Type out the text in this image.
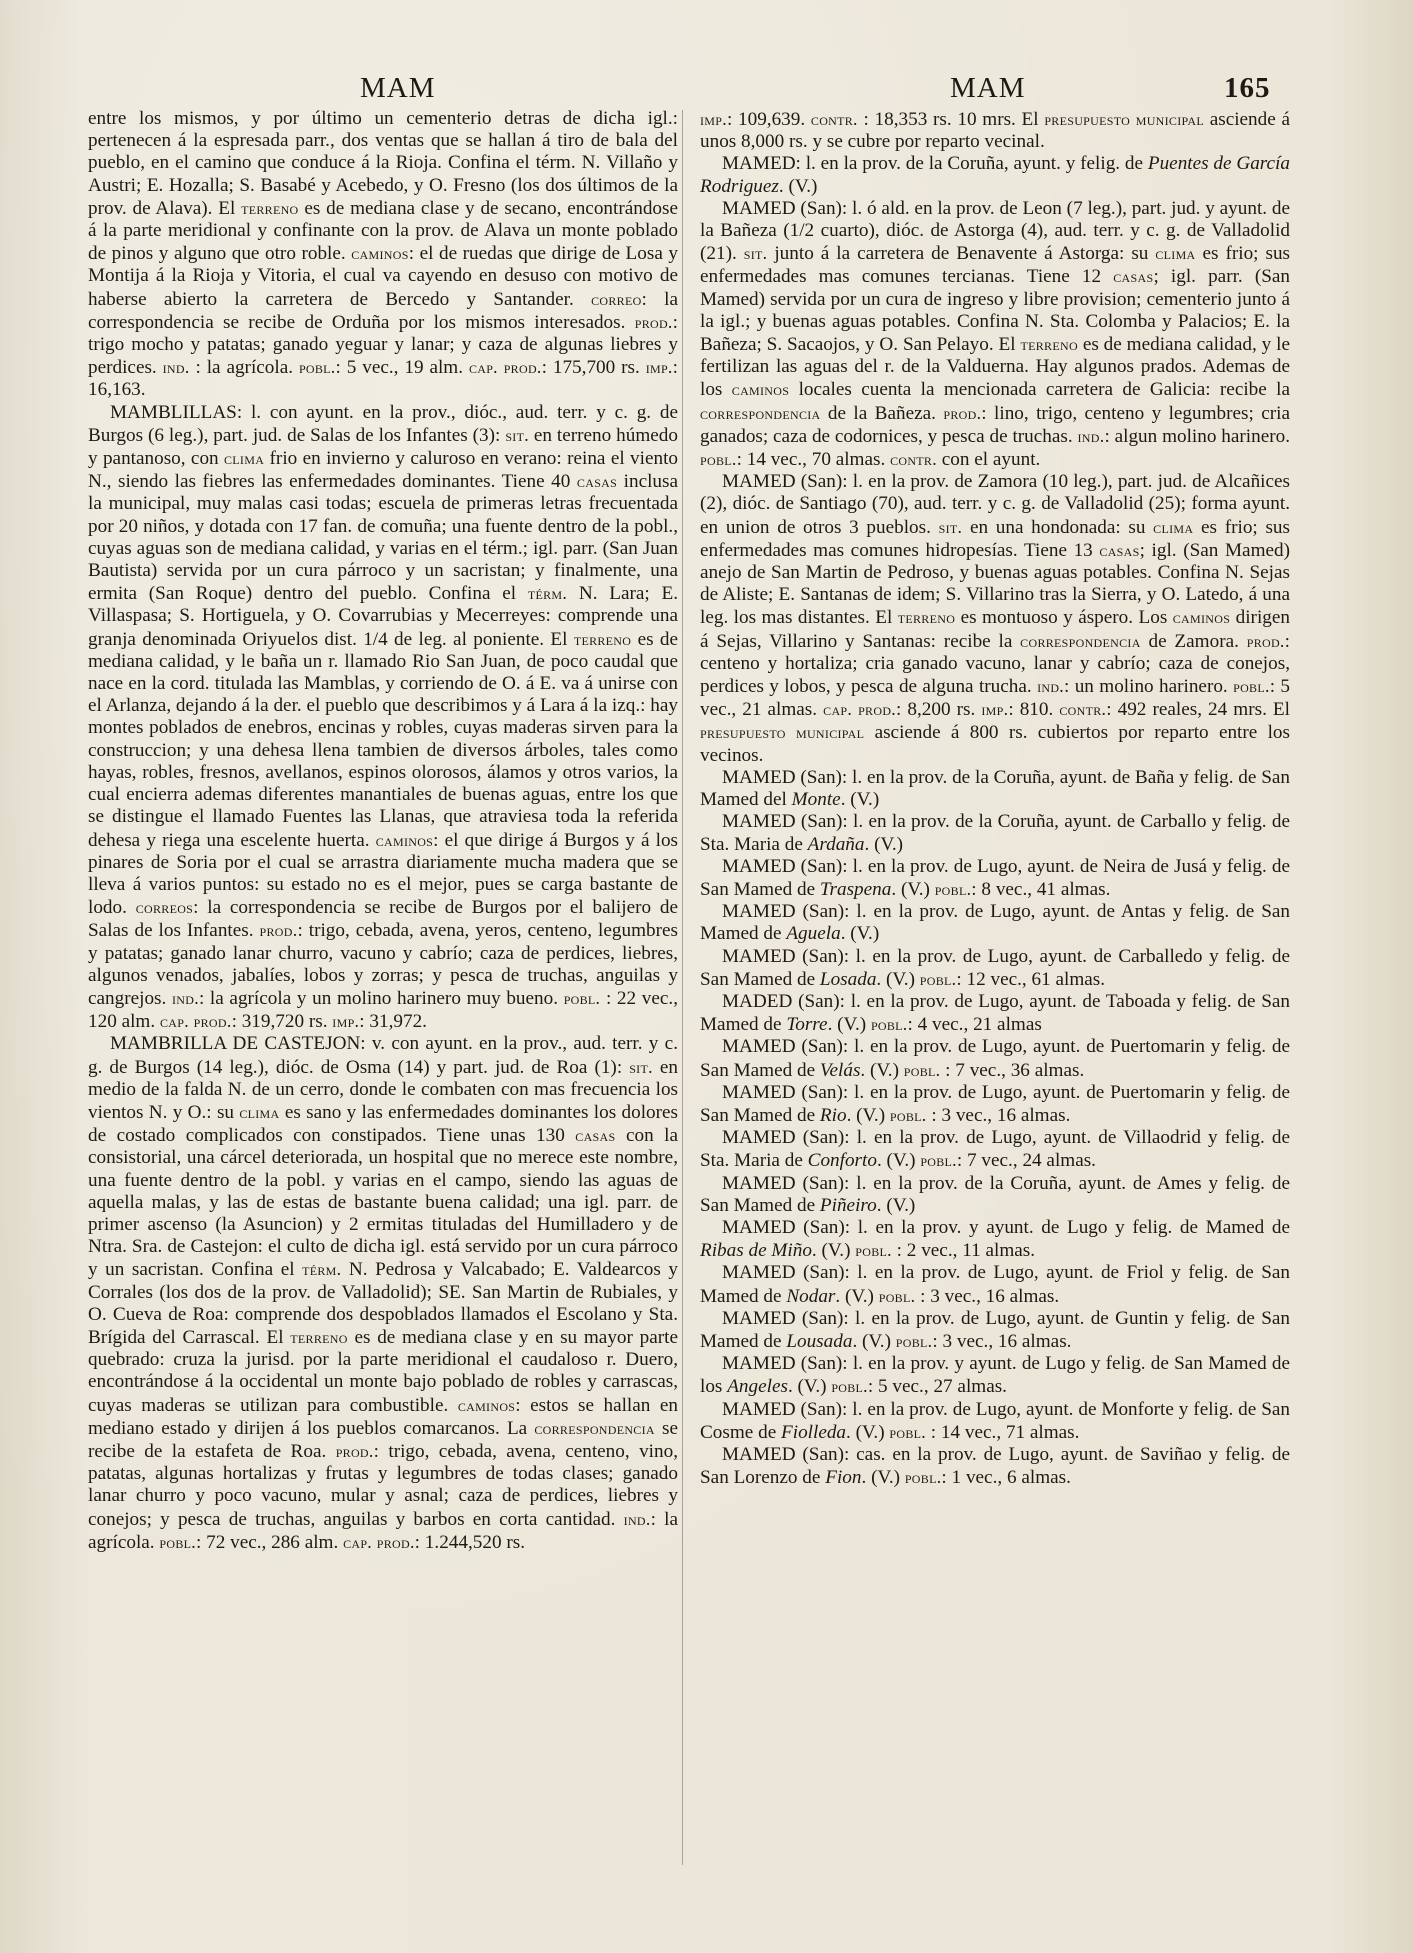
MAM	MAM	165

entre los mismos, y por último un cementerio detras de dicha igl.: pertenecen á la espresada parr., dos ventas que se hallan á tiro de bala del pueblo, en el camino que conduce á la Rioja. Confina el térm. N. Villaño y Austri; E. Hozalla; S. Basabé y Acebedo, y O. Fresno (los dos últimos de la prov. de Alava). El terreno es de mediana clase y de secano, encontrándose á la parte meridional y confinante con la prov. de Alava un monte poblado de pinos y alguno que otro roble. caminos: el de ruedas que dirige de Losa y Montija á la Rioja y Vitoria, el cual va cayendo en desuso con motivo de haberse abierto la carretera de Bercedo y Santander. correo: la correspondencia se recibe de Orduña por los mismos interesados. prod.: trigo mocho y patatas; ganado yeguar y lanar; y caza de algunas liebres y perdices. ind. : la agrícola. pobl.: 5 vec., 19 alm. cap. prod.: 175,700 rs. imp.: 16,163.

MAMBLILLAS: l. con ayunt. en la prov., dióc., aud. terr. y c. g. de Burgos (6 leg.), part. jud. de Salas de los Infantes (3): sit. en terreno húmedo y pantanoso, con clima frio en invierno y caluroso en verano: reina el viento N., siendo las fiebres las enfermedades dominantes. Tiene 40 casas inclusa la municipal, muy malas casi todas; escuela de primeras letras frecuentada por 20 niños, y dotada con 17 fan. de comuña; una fuente dentro de la pobl., cuyas aguas son de mediana calidad, y varias en el térm.; igl. parr. (San Juan Bautista) servida por un cura párroco y un sacristan; y finalmente, una ermita (San Roque) dentro del pueblo. Confina el térm. N. Lara; E. Villaspasa; S. Hortiguela, y O. Covarrubias y Mecerreyes: comprende una granja denominada Oriyuelos dist. 1/4 de leg. al poniente. El terreno es de mediana calidad, y le baña un r. llamado Rio San Juan, de poco caudal que nace en la cord. titulada las Mamblas, y corriendo de O. á E. va á unirse con el Arlanza, dejando á la der. el pueblo que describimos y á Lara á la izq.: hay montes poblados de enebros, encinas y robles, cuyas maderas sirven para la construccion; y una dehesa llena tambien de diversos árboles, tales como hayas, robles, fresnos, avellanos, espinos olorosos, álamos y otros varios, la cual encierra ademas diferentes manantiales de buenas aguas, entre los que se distingue el llamado Fuentes las Llanas, que atraviesa toda la referida dehesa y riega una escelente huerta. caminos: el que dirige á Burgos y á los pinares de Soria por el cual se arrastra diariamente mucha madera que se lleva á varios puntos: su estado no es el mejor, pues se carga bastante de lodo. correos: la correspondencia se recibe de Burgos por el balijero de Salas de los Infantes. prod.: trigo, cebada, avena, yeros, centeno, legumbres y patatas; ganado lanar churro, vacuno y cabrío; caza de perdices, liebres, algunos venados, jabalíes, lobos y zorras; y pesca de truchas, anguilas y cangrejos. ind.: la agrícola y un molino harinero muy bueno. pobl. : 22 vec., 120 alm. cap. prod.: 319,720 rs. imp.: 31,972.

MAMBRILLA DE CASTEJON: v. con ayunt. en la prov., aud. terr. y c. g. de Burgos (14 leg.), dióc. de Osma (14) y part. jud. de Roa (1): sit. en medio de la falda N. de un cerro, donde le combaten con mas frecuencia los vientos N. y O.: su clima es sano y las enfermedades dominantes los dolores de costado complicados con constipados. Tiene unas 130 casas con la consistorial, una cárcel deteriorada, un hospital que no merece este nombre, una fuente dentro de la pobl. y varias en el campo, siendo las aguas de aquella malas, y las de estas de bastante buena calidad; una igl. parr. de primer ascenso (la Asuncion) y 2 ermitas tituladas del Humilladero y de Ntra. Sra. de Castejon: el culto de dicha igl. está servido por un cura párroco y un sacristan. Confina el térm. N. Pedrosa y Valcabado; E. Valdearcos y Corrales (los dos de la prov. de Valladolid); SE. San Martin de Rubiales, y O. Cueva de Roa: comprende dos despoblados llamados el Escolano y Sta. Brígida del Carrascal. El terreno es de mediana clase y en su mayor parte quebrado: cruza la jurisd. por la parte meridional el caudaloso r. Duero, encontrándose á la occidental un monte bajo poblado de robles y carrascas, cuyas maderas se utilizan para combustible. caminos: estos se hallan en mediano estado y dirijen á los pueblos comarcanos. La correspondencia se recibe de la estafeta de Roa. prod.: trigo, cebada, avena, centeno, vino, patatas, algunas hortalizas y frutas y legumbres de todas clases; ganado lanar churro y poco vacuno, mular y asnal; caza de perdices, liebres y conejos; y pesca de truchas, anguilas y barbos en corta cantidad. ind.: la agrícola. pobl.: 72 vec., 286 alm. cap. prod.: 1.244,520 rs.

imp.: 109,639. contr. : 18,353 rs. 10 mrs. El presupuesto municipal asciende á unos 8,000 rs. y se cubre por reparto vecinal.

MAMED: l. en la prov. de la Coruña, ayunt. y felig. de Puentes de García Rodriguez. (V.)

MAMED (San): l. ó ald. en la prov. de Leon (7 leg.), part. jud. y ayunt. de la Bañeza (1/2 cuarto), dióc. de Astorga (4), aud. terr. y c. g. de Valladolid (21). sit. junto á la carretera de Benavente á Astorga: su clima es frio; sus enfermedades mas comunes tercianas. Tiene 12 casas; igl. parr. (San Mamed) servida por un cura de ingreso y libre provision; cementerio junto á la igl.; y buenas aguas potables. Confina N. Sta. Colomba y Palacios; E. la Bañeza; S. Sacaojos, y O. San Pelayo. El terreno es de mediana calidad, y le fertilizan las aguas del r. de la Valduerna. Hay algunos prados. Ademas de los caminos locales cuenta la mencionada carretera de Galicia: recibe la correspondencia de la Bañeza. prod.: lino, trigo, centeno y legumbres; cria ganados; caza de codornices, y pesca de truchas. ind.: algun molino harinero. pobl.: 14 vec., 70 almas. contr. con el ayunt.

MAMED (San): l. en la prov. de Zamora (10 leg.), part. jud. de Alcañices (2), dióc. de Santiago (70), aud. terr. y c. g. de Valladolid (25); forma ayunt. en union de otros 3 pueblos. sit. en una hondonada: su clima es frio; sus enfermedades mas comunes hidropesías. Tiene 13 casas; igl. (San Mamed) anejo de San Martin de Pedroso, y buenas aguas potables. Confina N. Sejas de Aliste; E. Santanas de idem; S. Villarino tras la Sierra, y O. Latedo, á una leg. los mas distantes. El terreno es montuoso y áspero. Los caminos dirigen á Sejas, Villarino y Santanas: recibe la correspondencia de Zamora. prod.: centeno y hortaliza; cria ganado vacuno, lanar y cabrío; caza de conejos, perdices y lobos, y pesca de alguna trucha. ind.: un molino harinero. pobl.: 5 vec., 21 almas. cap. prod.: 8,200 rs. imp.: 810. contr.: 492 reales, 24 mrs. El presupuesto municipal asciende á 800 rs. cubiertos por reparto entre los vecinos.

MAMED (San): l. en la prov. de la Coruña, ayunt. de Baña y felig. de San Mamed del Monte. (V.)

MAMED (San): l. en la prov. de la Coruña, ayunt. de Carballo y felig. de Sta. Maria de Ardaña. (V.)

MAMED (San): l. en la prov. de Lugo, ayunt. de Neira de Jusá y felig. de San Mamed de Traspena. (V.) pobl.: 8 vec., 41 almas.

MAMED (San): l. en la prov. de Lugo, ayunt. de Antas y felig. de San Mamed de Aguela. (V.)

MAMED (San): l. en la prov. de Lugo, ayunt. de Carballedo y felig. de San Mamed de Losada. (V.) pobl.: 12 vec., 61 almas.

MADED (San): l. en la prov. de Lugo, ayunt. de Taboada y felig. de San Mamed de Torre. (V.) pobl.: 4 vec., 21 almas

MAMED (San): l. en la prov. de Lugo, ayunt. de Puertomarin y felig. de San Mamed de Velás. (V.) pobl. : 7 vec., 36 almas.

MAMED (San): l. en la prov. de Lugo, ayunt. de Puertomarin y felig. de San Mamed de Rio. (V.) pobl. : 3 vec., 16 almas.

MAMED (San): l. en la prov. de Lugo, ayunt. de Villaodrid y felig. de Sta. Maria de Conforto. (V.) pobl.: 7 vec., 24 almas.

MAMED (San): l. en la prov. de la Coruña, ayunt. de Ames y felig. de San Mamed de Piñeiro. (V.)

MAMED (San): l. en la prov. y ayunt. de Lugo y felig. de Mamed de Ribas de Miño. (V.) pobl. : 2 vec., 11 almas.

MAMED (San): l. en la prov. de Lugo, ayunt. de Friol y felig. de San Mamed de Nodar. (V.) pobl. : 3 vec., 16 almas.

MAMED (San): l. en la prov. de Lugo, ayunt. de Guntin y felig. de San Mamed de Lousada. (V.) pobl.: 3 vec., 16 almas.

MAMED (San): l. en la prov. y ayunt. de Lugo y felig. de San Mamed de los Angeles. (V.) pobl.: 5 vec., 27 almas.

MAMED (San): l. en la prov. de Lugo, ayunt. de Monforte y felig. de San Cosme de Fiolleda. (V.) pobl. : 14 vec., 71 almas.

MAMED (San): cas. en la prov. de Lugo, ayunt. de Saviñao y felig. de San Lorenzo de Fion. (V.) pobl.: 1 vec., 6 almas.
